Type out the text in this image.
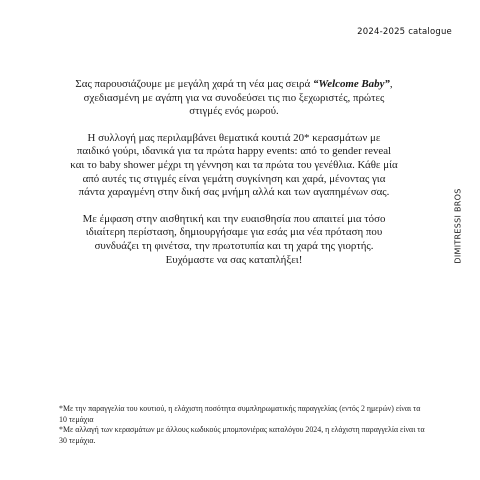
2024-2025 catalogue
DIMITRESSI BROS

Σας παρουσιάζουμε με μεγάλη χαρά τη νέα μας σειρά “Welcome Baby”, σχεδιασμένη με αγάπη για να συνοδεύσει τις πιο ξεχωριστές, πρώτες στιγμές ενός μωρού.

Η συλλογή μας περιλαμβάνει θεματικά κουτιά 20* κερασμάτων με παιδικό γούρι, ιδανικά για τα πρώτα happy events: από το gender reveal και το baby shower μέχρι τη γέννηση και τα πρώτα του γενέθλια. Κάθε μία από αυτές τις στιγμές είναι γεμάτη συγκίνηση και χαρά, μένοντας για πάντα χαραγμένη στην δική σας μνήμη αλλά και των αγαπημένων σας.

Με έμφαση στην αισθητική και την ευαισθησία που απαιτεί μια τόσο ιδιαίτερη περίσταση, δημιουργήσαμε για εσάς μια νέα πρόταση που συνδυάζει τη φινέτσα, την πρωτοτυπία και τη χαρά της γιορτής. Ευχόμαστε να σας καταπλήξει!

*Με την παραγγελία του κουτιού, η ελάχιστη ποσότητα συμπληρωματικής παραγγελίας (εντός 2 ημερών) είναι τα 10 τεμάχια

*Με αλλαγή των κερασμάτων με άλλους κωδικούς μπομπονιέρας καταλόγου 2024, η ελάχιστη παραγγελία είναι τα 30 τεμάχια.
